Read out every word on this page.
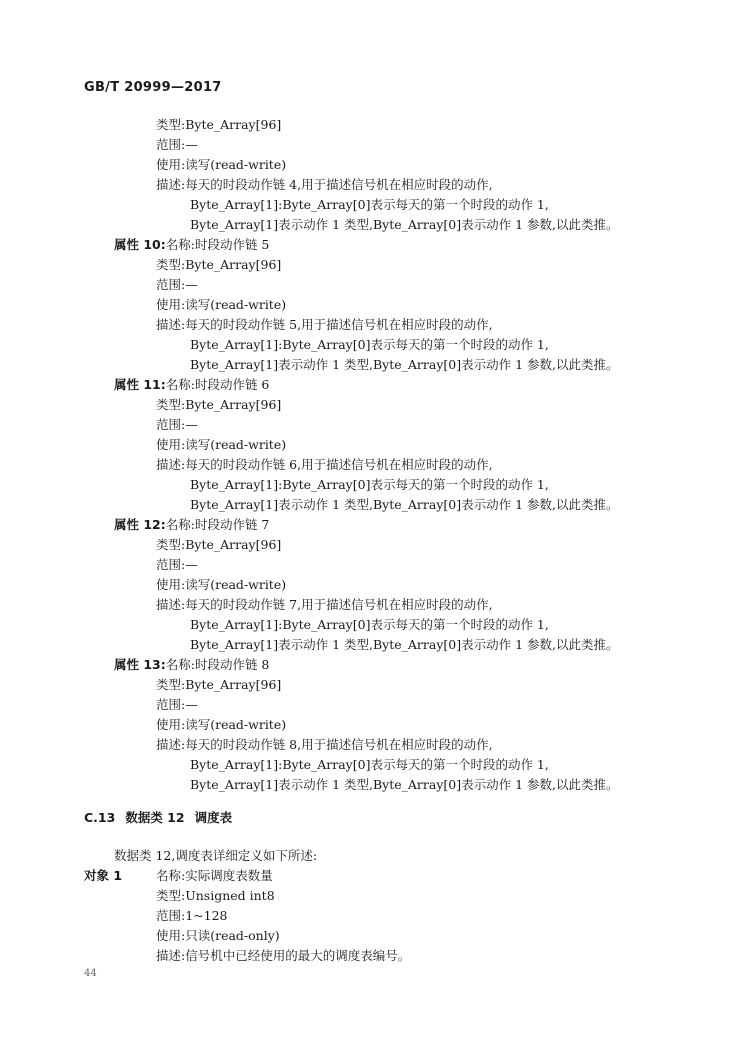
GB/T 20999—2017
类型:Byte_Array[96]
范围:—
使用:读写(read-write)
描述:每天的时段动作链 4,用于描述信号机在相应时段的动作,
Byte_Array[1]:Byte_Array[0]表示每天的第一个时段的动作 1,
Byte_Array[1]表示动作 1 类型,Byte_Array[0]表示动作 1 参数,以此类推。
属性 10:名称:时段动作链 5
类型:Byte_Array[96]
范围:—
使用:读写(read-write)
描述:每天的时段动作链 5,用于描述信号机在相应时段的动作,
Byte_Array[1]:Byte_Array[0]表示每天的第一个时段的动作 1,
Byte_Array[1]表示动作 1 类型,Byte_Array[0]表示动作 1 参数,以此类推。
属性 11:名称:时段动作链 6
类型:Byte_Array[96]
范围:—
使用:读写(read-write)
描述:每天的时段动作链 6,用于描述信号机在相应时段的动作,
Byte_Array[1]:Byte_Array[0]表示每天的第一个时段的动作 1,
Byte_Array[1]表示动作 1 类型,Byte_Array[0]表示动作 1 参数,以此类推。
属性 12:名称:时段动作链 7
类型:Byte_Array[96]
范围:—
使用:读写(read-write)
描述:每天的时段动作链 7,用于描述信号机在相应时段的动作,
Byte_Array[1]:Byte_Array[0]表示每天的第一个时段的动作 1,
Byte_Array[1]表示动作 1 类型,Byte_Array[0]表示动作 1 参数,以此类推。
属性 13:名称:时段动作链 8
类型:Byte_Array[96]
范围:—
使用:读写(read-write)
描述:每天的时段动作链 8,用于描述信号机在相应时段的动作,
Byte_Array[1]:Byte_Array[0]表示每天的第一个时段的动作 1,
Byte_Array[1]表示动作 1 类型,Byte_Array[0]表示动作 1 参数,以此类推。
C.13 数据类 12 调度表
数据类 12,调度表详细定义如下所述:
对象 1	名称:实际调度表数量
类型:Unsigned int8
范围:1~128
使用:只读(read-only)
描述:信号机中已经使用的最大的调度表编号。
44
